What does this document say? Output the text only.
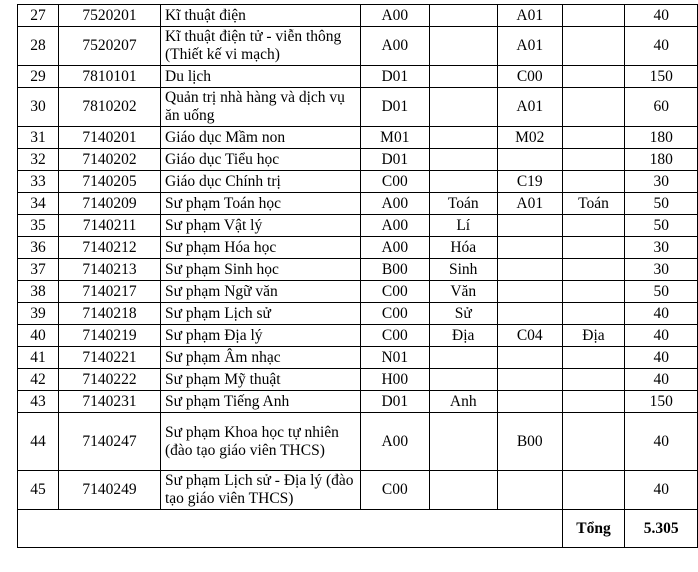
27	7520201	Kĩ thuật điện	A00		A01		40
28	7520207	Kĩ thuật điện tử - viễn thông (Thiết kế vi mạch)	A00		A01		40
29	7810101	Du lịch	D01		C00		150
30	7810202	Quản trị nhà hàng và dịch vụ ăn uống	D01		A01		60
31	7140201	Giáo dục Mầm non	M01		M02		180
32	7140202	Giáo dục Tiểu học	D01				180
33	7140205	Giáo dục Chính trị	C00		C19		30
34	7140209	Sư phạm Toán học	A00	Toán	A01	Toán	50
35	7140211	Sư phạm Vật lý	A00	Lí			50
36	7140212	Sư phạm Hóa học	A00	Hóa			30
37	7140213	Sư phạm Sinh học	B00	Sinh			30
38	7140217	Sư phạm Ngữ văn	C00	Văn			50
39	7140218	Sư phạm Lịch sử	C00	Sử			40
40	7140219	Sư phạm Địa lý	C00	Địa	C04	Địa	40
41	7140221	Sư phạm Âm nhạc	N01				40
42	7140222	Sư phạm Mỹ thuật	H00				40
43	7140231	Sư phạm Tiếng Anh	D01	Anh			150
44	7140247	Sư phạm Khoa học tự nhiên (đào tạo giáo viên THCS)	A00		B00		40
45	7140249	Sư phạm Lịch sử - Địa lý (đào tạo giáo viên THCS)	C00				40
						Tổng	5.305
